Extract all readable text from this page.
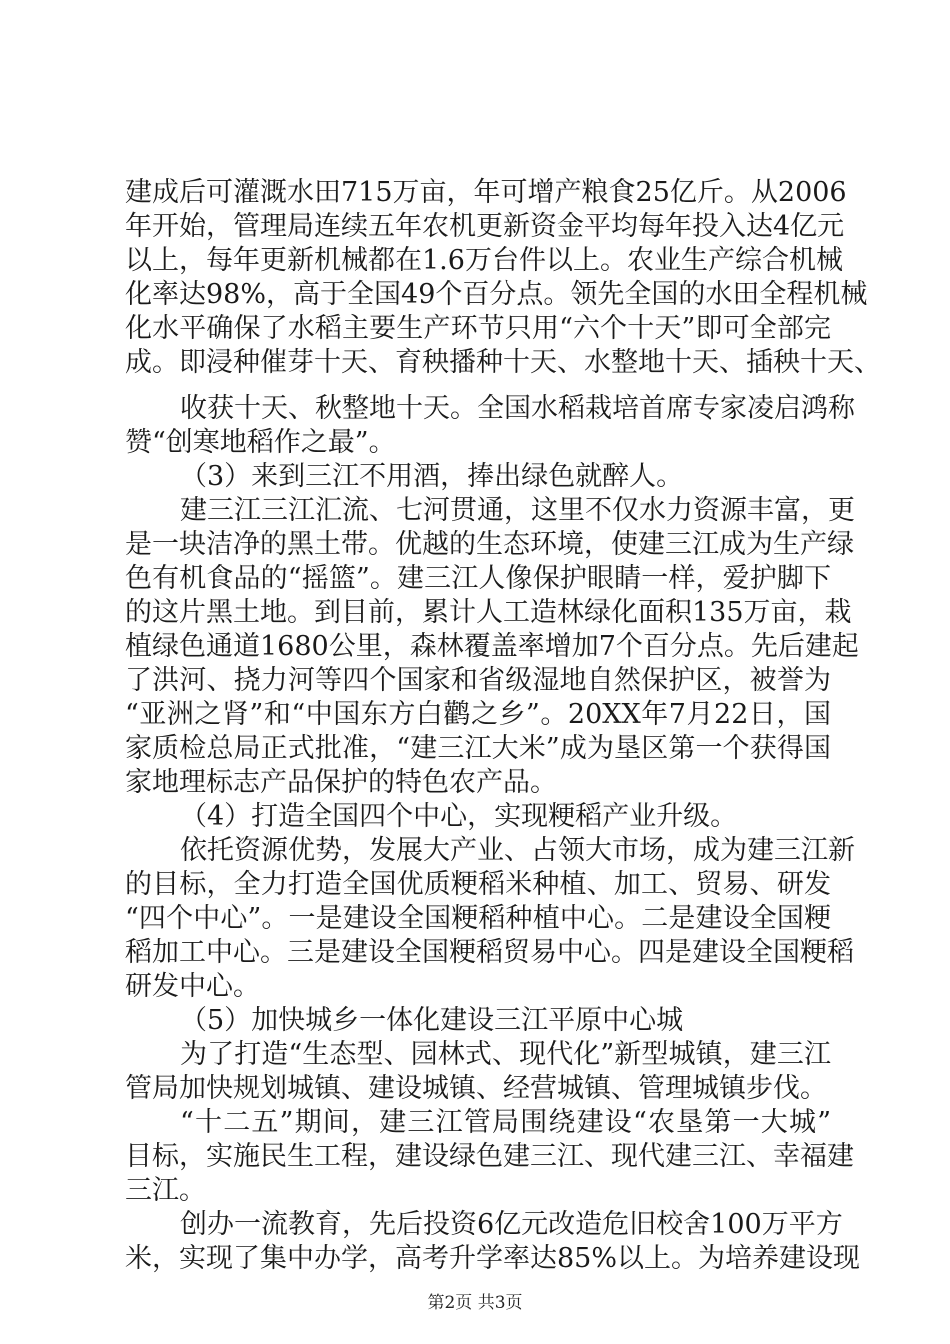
建成后可灌溉水田715万亩，年可增产粮食25亿斤。从2006
年开始，管理局连续五年农机更新资金平均每年投入达4亿元
以上，每年更新机械都在1.6万台件以上。农业生产综合机械
化率达98%，高于全国49个百分点。领先全国的水田全程机械
化水平确保了水稻主要生产环节只用“六个十天”即可全部完
成。即浸种催芽十天、育秧播种十天、水整地十天、插秧十天、
收获十天、秋整地十天。全国水稻栽培首席专家凌启鸿称
赞“创寒地稻作之最”。
（3）来到三江不用酒，捧出绿色就醉人。
建三江三江汇流、七河贯通，这里不仅水力资源丰富，更
是一块洁净的黑土带。优越的生态环境，使建三江成为生产绿
色有机食品的“摇篮”。建三江人像保护眼睛一样，爱护脚下
的这片黑土地。到目前，累计人工造林绿化面积135万亩，栽
植绿色通道1680公里，森林覆盖率增加7个百分点。先后建起
了洪河、挠力河等四个国家和省级湿地自然保护区，被誉为
“亚洲之肾”和“中国东方白鹳之乡”。20XX年7月22日，国
家质检总局正式批准，“建三江大米”成为垦区第一个获得国
家地理标志产品保护的特色农产品。
（4）打造全国四个中心，实现粳稻产业升级。
依托资源优势，发展大产业、占领大市场，成为建三江新
的目标，全力打造全国优质粳稻米种植、加工、贸易、研发
“四个中心”。一是建设全国粳稻种植中心。二是建设全国粳
稻加工中心。三是建设全国粳稻贸易中心。四是建设全国粳稻
研发中心。
（5）加快城乡一体化建设三江平原中心城
为了打造“生态型、园林式、现代化”新型城镇，建三江
管局加快规划城镇、建设城镇、经营城镇、管理城镇步伐。
“十二五”期间，建三江管局围绕建设“农垦第一大城”
目标，实施民生工程，建设绿色建三江、现代建三江、幸福建
三江。
创办一流教育，先后投资6亿元改造危旧校舍100万平方
米，实现了集中办学，高考升学率达85%以上。为培养建设现
第2页 共3页
